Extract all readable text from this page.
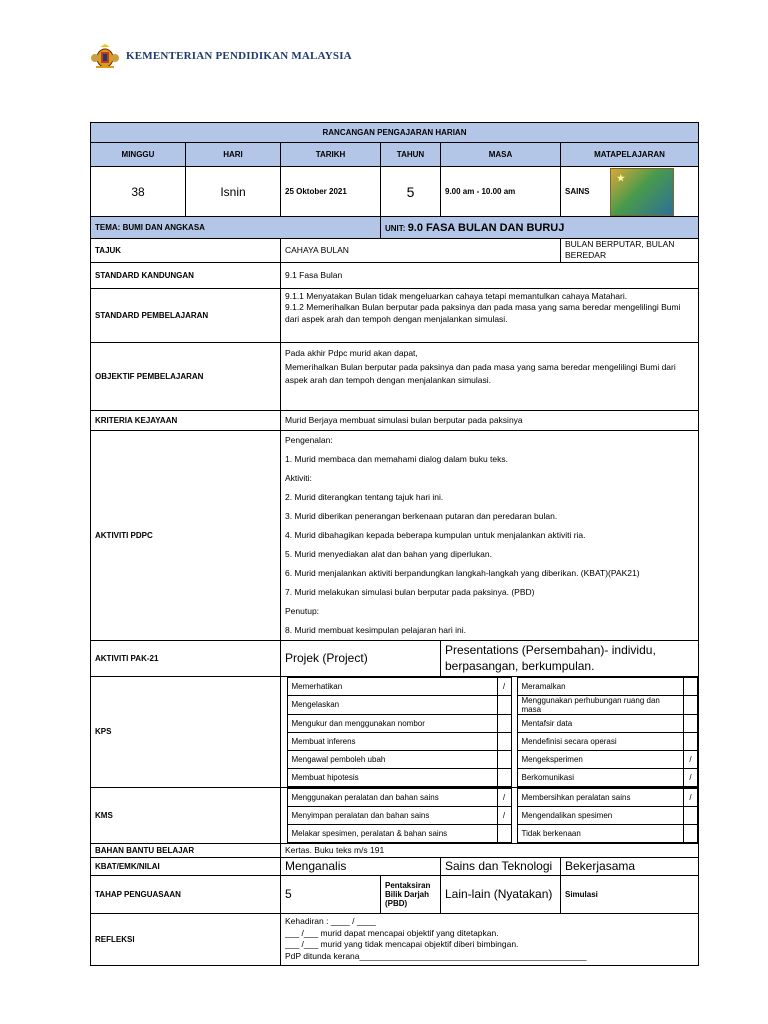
KEMENTERIAN PENDIDIKAN MALAYSIA
RANCANGAN PENGAJARAN HARIAN
MINGGU	HARI	TARIKH	TAHUN	MASA	MATAPELAJARAN
38	Isnin	25 Oktober 2021	5	9.00 am - 10.00 am	SAINS
★

TEMA: BUMI DAN ANGKASA	UNIT: 9.0 FASA BULAN DAN BURUJ
TAJUK	CAHAYA BULAN	BULAN BERPUTAR, BULAN BEREDAR
STANDARD KANDUNGAN	9.1 Fasa Bulan
STANDARD PEMBELAJARAN	
9.1.1 Menyatakan Bulan tidak mengeluarkan cahaya tetapi memantulkan cahaya Matahari.
9.1.2 Memerihalkan Bulan berputar pada paksinya dan pada masa yang sama beredar mengelilingi Bumi dari aspek arah dan tempoh dengan menjalankan simulasi.

OBJEKTIF PEMBELAJARAN	
Pada akhir Pdpc murid akan dapat,
Memerihalkan Bulan berputar pada paksinya dan pada masa yang sama beredar mengelilingi Bumi dari aspek arah dan tempoh dengan menjalankan simulasi.

KRITERIA KEJAYAAN	Murid Berjaya membuat simulasi bulan berputar pada paksinya
AKTIVITI PDPC	

Pengenalan:

1. Murid membaca dan memahami dialog dalam buku teks.

Aktiviti:

2. Murid diterangkan tentang tajuk hari ini.

3. Murid diberikan penerangan berkenaan putaran dan peredaran bulan.

4. Murid dibahagikan kepada beberapa kumpulan untuk menjalankan aktiviti ria.

5. Murid menyediakan alat dan bahan yang diperlukan.

6. Murid menjalankan aktiviti berpandungkan langkah-langkah yang diberikan. (KBAT)(PAK21)

7. Murid melakukan simulasi bulan berputar pada paksinya. (PBD)

Penutup:

8. Murid membuat kesimpulan pelajaran hari ini.

AKTIVITI PAK-21	Projek (Project)	Presentations (Persembahan)- individu, berpasangan, berkumpulan.
KPS	
	Memerhatikan	/		Meramalkan	
	Mengelaskan			Menggunakan perhubungan ruang dan masa	
	Mengukur dan menggunakan nombor			Mentafsir data	
	Membuat inferens			Mendefinisi secara operasi	
	Mengawal pemboleh ubah			Mengeksperimen	/
	Membuat hipotesis			Berkomunikasi	/

KMS	
	Menggunakan peralatan dan bahan sains	/		Membersihkan peralatan sains	/
	Menyimpan peralatan dan bahan sains	/		Mengendalikan spesimen	
	Melakar spesimen, peralatan & bahan sains			Tidak berkenaan	

BAHAN BANTU BELAJAR	Kertas. Buku teks m/s 191
KBAT/EMK/NILAI	Menganalis	Sains dan Teknologi	Bekerjasama
TAHAP PENGUASAAN	5	Pentaksiran Bilik Darjah (PBD)	Lain-lain (Nyatakan)	Simulasi
REFLEKSI	
Kehadiran : ____ / ____
___ /___ murid dapat mencapai objektif yang ditetapkan.
___ /___ murid yang tidak mencapai objektif diberi bimbingan.
PdP ditunda kerana________________________________________________
